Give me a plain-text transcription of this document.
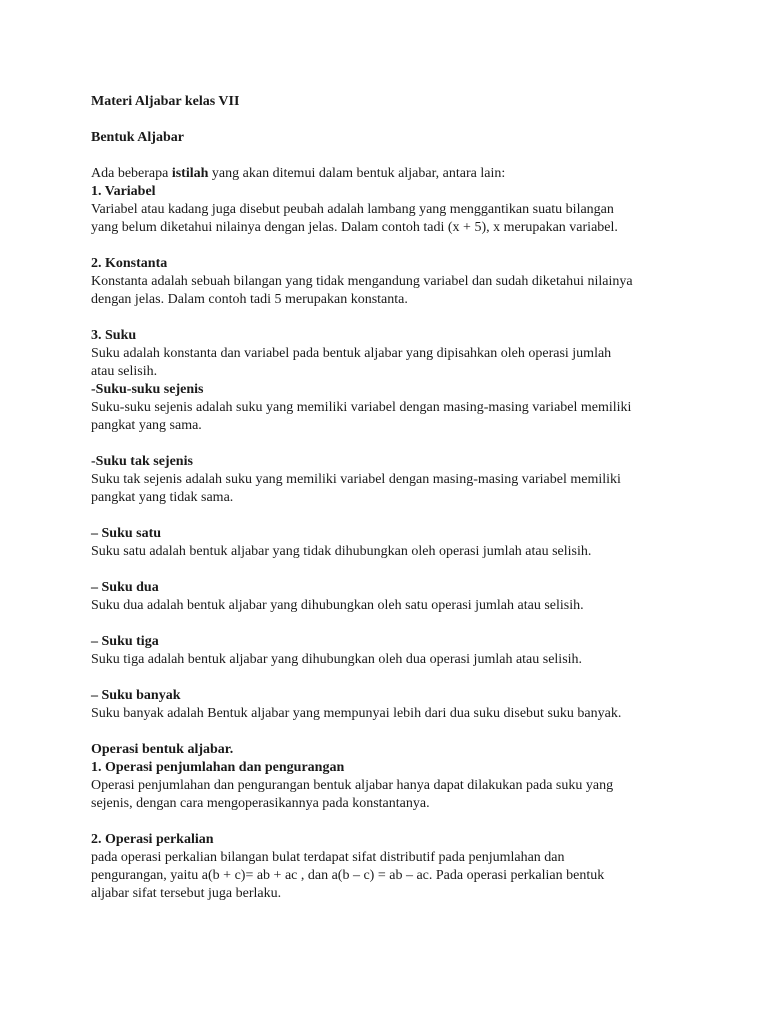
Materi Aljabar kelas VII
Bentuk Aljabar
Ada beberapa istilah yang akan ditemui dalam bentuk aljabar, antara lain:
1. Variabel
Variabel atau kadang juga disebut peubah adalah lambang yang menggantikan suatu bilangan
yang belum diketahui nilainya dengan jelas. Dalam contoh tadi (x + 5), x merupakan variabel.
2. Konstanta
Konstanta adalah sebuah bilangan yang tidak mengandung variabel dan sudah diketahui nilainya
dengan jelas. Dalam contoh tadi 5 merupakan konstanta.
3. Suku
Suku adalah konstanta dan variabel pada bentuk aljabar yang dipisahkan oleh operasi jumlah
atau selisih.
-Suku-suku sejenis
Suku-suku sejenis adalah suku yang memiliki variabel dengan masing-masing variabel memiliki
pangkat yang sama.
-Suku tak sejenis
Suku tak sejenis adalah suku yang memiliki variabel dengan masing-masing variabel memiliki
pangkat yang tidak sama.
– Suku satu
Suku satu adalah bentuk aljabar yang tidak dihubungkan oleh operasi jumlah atau selisih.
– Suku dua
Suku dua adalah bentuk aljabar yang dihubungkan oleh satu operasi jumlah atau selisih.
– Suku tiga
Suku tiga adalah bentuk aljabar yang dihubungkan oleh dua operasi jumlah atau selisih.
– Suku banyak
Suku banyak adalah Bentuk aljabar yang mempunyai lebih dari dua suku disebut suku banyak.
Operasi bentuk aljabar.
1. Operasi penjumlahan dan pengurangan
Operasi penjumlahan dan pengurangan bentuk aljabar hanya dapat dilakukan pada suku yang
sejenis, dengan cara mengoperasikannya pada konstantanya.
2. Operasi perkalian
pada operasi perkalian bilangan bulat terdapat sifat distributif pada penjumlahan dan
pengurangan, yaitu a(b + c)= ab + ac , dan a(b – c) = ab – ac. Pada operasi perkalian bentuk
aljabar sifat tersebut juga berlaku.
